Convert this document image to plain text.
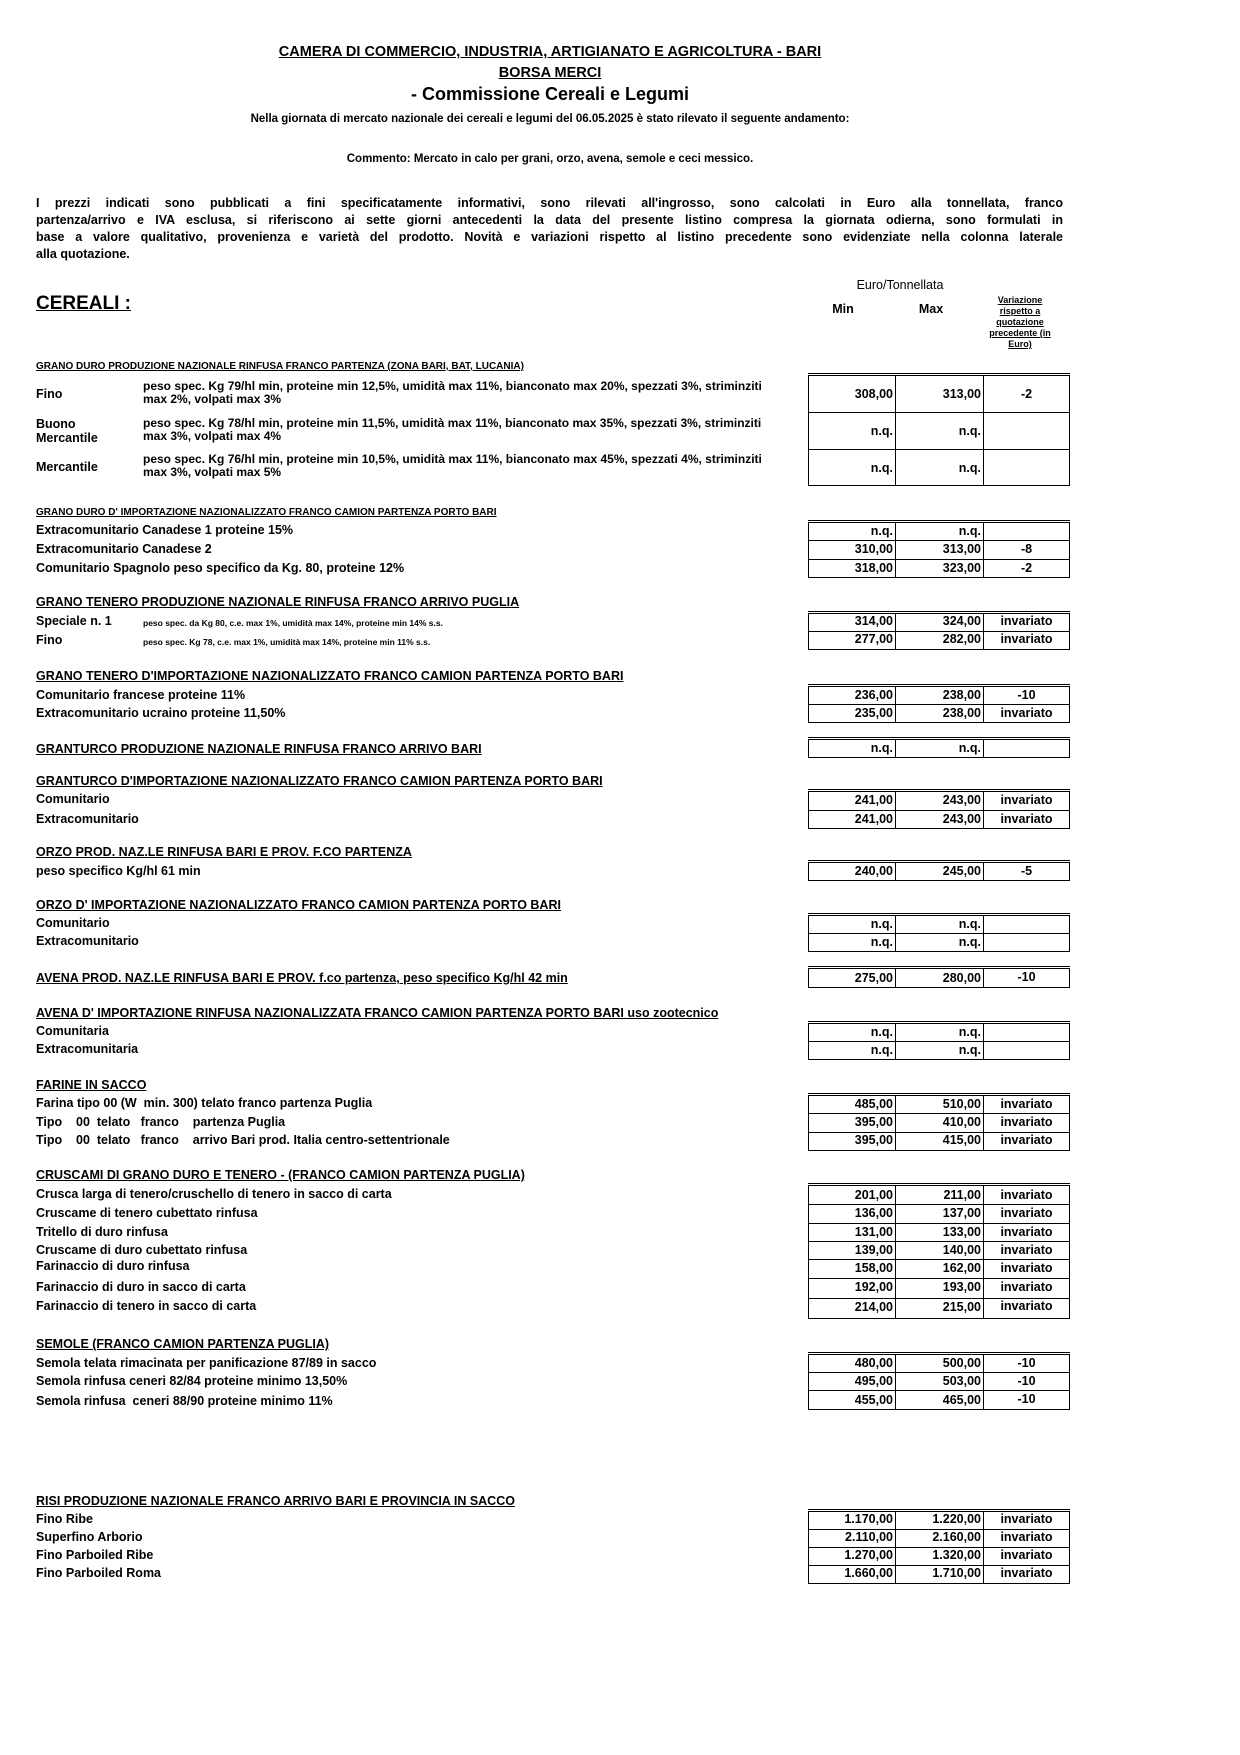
CAMERA DI COMMERCIO, INDUSTRIA, ARTIGIANATO E AGRICOLTURA - BARI
BORSA MERCI
- Commissione Cereali e Legumi
Nella giornata di mercato nazionale dei cereali e legumi del 06.05.2025 è stato rilevato il seguente andamento:
Commento: Mercato in calo per grani, orzo, avena, semole e ceci messico.
I prezzi indicati sono pubblicati a fini specificatamente informativi, sono rilevati all'ingrosso, sono calcolati in Euro alla tonnellata, franco
partenza/arrivo e IVA esclusa, si riferiscono ai sette giorni antecedenti la data del presente listino compresa la giornata odierna, sono formulati in
base a valore qualitativo, provenienza e varietà del prodotto. Novità e variazioni rispetto al listino precedente sono evidenziate nella colonna laterale
alla quotazione.
CEREALI :
Euro/Tonnellata
Min	Max
Variazione
rispetto a
quotazione
precedente (in
Euro)
GRANO DURO PRODUZIONE NAZIONALE RINFUSA FRANCO PARTENZA (ZONA BARI, BAT, LUCANIA)
Fino
peso spec. Kg 79/hl min, proteine min 12,5%, umidità max 11%, bianconato max 20%, spezzati 3%, striminziti max 2%, volpati max 3%	308,00	313,00	-2
Buono Mercantile
peso spec. Kg 78/hl min, proteine min 11,5%, umidità max 11%, bianconato max 35%, spezzati 3%, striminziti max 3%, volpati max 4%	n.q.	n.q.
Mercantile
peso spec. Kg 76/hl min, proteine min 10,5%, umidità max 11%, bianconato max 45%, spezzati 4%, striminziti max 3%, volpati max 5%	n.q.	n.q.
GRANO DURO D' IMPORTAZIONE NAZIONALIZZATO FRANCO CAMION PARTENZA PORTO BARI
Extracomunitario Canadese 1 proteine 15%	n.q.	n.q.
Extracomunitario Canadese 2	310,00	313,00	-8
Comunitario Spagnolo peso specifico da Kg. 80, proteine 12%	318,00	323,00	-2
GRANO TENERO PRODUZIONE NAZIONALE RINFUSA FRANCO ARRIVO PUGLIA
Speciale n. 1	peso spec. da Kg 80, c.e. max 1%, umidità max 14%, proteine min 14% s.s.	314,00	324,00	invariato
Fino	peso spec. Kg 78, c.e. max 1%, umidità max 14%, proteine min 11% s.s.	277,00	282,00	invariato
GRANO TENERO D'IMPORTAZIONE NAZIONALIZZATO FRANCO CAMION PARTENZA PORTO BARI
Comunitario francese proteine 11%	236,00	238,00	-10
Extracomunitario ucraino proteine 11,50%	235,00	238,00	invariato
GRANTURCO PRODUZIONE NAZIONALE RINFUSA FRANCO ARRIVO BARI	n.q.	n.q.
GRANTURCO D'IMPORTAZIONE NAZIONALIZZATO FRANCO CAMION PARTENZA PORTO BARI
Comunitario	241,00	243,00	invariato
Extracomunitario	241,00	243,00	invariato
ORZO PROD. NAZ.LE RINFUSA BARI E PROV. F.CO PARTENZA
peso specifico Kg/hl 61 min	240,00	245,00	-5
ORZO D' IMPORTAZIONE NAZIONALIZZATO FRANCO CAMION PARTENZA PORTO BARI
Comunitario	n.q.	n.q.
Extracomunitario	n.q.	n.q.
AVENA PROD. NAZ.LE RINFUSA BARI E PROV. f.co partenza, peso specifico Kg/hl 42 min	275,00	280,00	-10
AVENA D' IMPORTAZIONE RINFUSA NAZIONALIZZATA FRANCO CAMION PARTENZA PORTO BARI uso zootecnico
Comunitaria	n.q.	n.q.
Extracomunitaria	n.q.	n.q.
FARINE IN SACCO
Farina tipo 00 (W  min. 300) telato franco partenza Puglia	485,00	510,00	invariato
Tipo    00  telato   franco    partenza Puglia	395,00	410,00	invariato
Tipo    00  telato   franco    arrivo Bari prod. Italia centro-settentrionale	395,00	415,00	invariato
CRUSCAMI DI GRANO DURO E TENERO - (FRANCO CAMION PARTENZA PUGLIA)
Crusca larga di tenero/cruschello di tenero in sacco di carta	201,00	211,00	invariato
Cruscame di tenero cubettato rinfusa	136,00	137,00	invariato
Tritello di duro rinfusa	131,00	133,00	invariato
Cruscame di duro cubettato rinfusa	139,00	140,00	invariato
Farinaccio di duro rinfusa	158,00	162,00	invariato
Farinaccio di duro in sacco di carta	192,00	193,00	invariato
Farinaccio di tenero in sacco di carta	214,00	215,00	invariato
SEMOLE (FRANCO CAMION PARTENZA PUGLIA)
Semola telata rimacinata per panificazione 87/89 in sacco	480,00	500,00	-10
Semola rinfusa ceneri 82/84 proteine minimo 13,50%	495,00	503,00	-10
Semola rinfusa  ceneri 88/90 proteine minimo 11%	455,00	465,00	-10
RISI PRODUZIONE NAZIONALE FRANCO ARRIVO BARI E PROVINCIA IN SACCO
Fino Ribe	1.170,00	1.220,00	invariato
Superfino Arborio	2.110,00	2.160,00	invariato
Fino Parboiled Ribe	1.270,00	1.320,00	invariato
Fino Parboiled Roma	1.660,00	1.710,00	invariato
